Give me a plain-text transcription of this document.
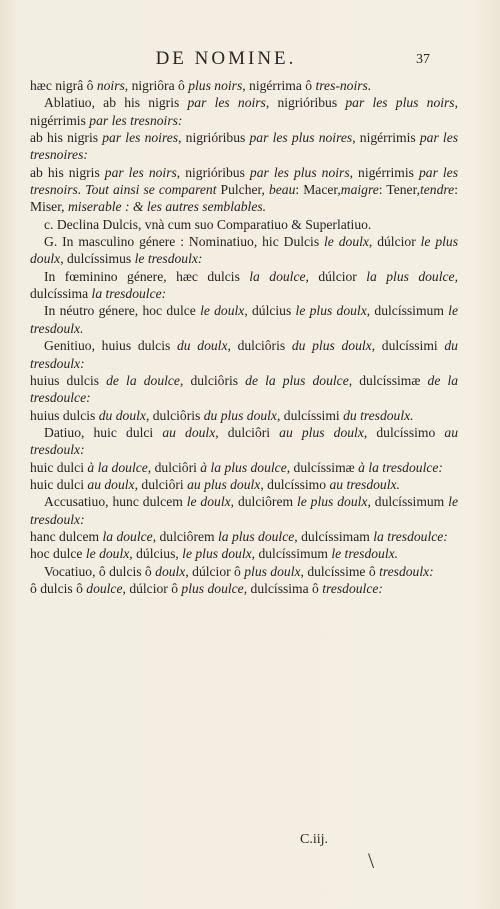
DE NOMINE.	37

hæc nigrâ ô noirs, nigriôra ô plus noirs, nigérrima ô tres-noirs.

Ablatiuo, ab his nigris par les noirs, nigrióribus par les plus noirs, nigérrimis par les tresnoirs:

ab his nigris par les noires, nigrióribus par les plus noires, nigérrimis par les tresnoires:

ab his nigris par les noirs, nigrióribus par les plus noirs, nigérrimis par les tresnoirs. Tout ainsi se comparent Pulcher, beau: Macer,maigre: Tener,tendre: Miser, miserable : & les autres semblables.

c. Declina Dulcis, vnà cum suo Comparatiuo & Superlatiuo.

G. In masculino génere : Nominatiuo, hic Dulcis le doulx, dúlcior le plus doulx, dulcíssimus le tresdoulx:

In fœminino génere, hæc dulcis la doulce, dúlcior la plus doulce, dulcíssima la tresdoulce:

In néutro génere, hoc dulce le doulx, dúlcius le plus doulx, dulcíssimum le tresdoulx.

Genitiuo, huius dulcis du doulx, dulciôris du plus doulx, dulcíssimi du tresdoulx:

huius dulcis de la doulce, dulciôris de la plus doulce, dulcíssimæ de la tresdoulce:

huius dulcis du doulx, dulciôris du plus doulx, dulcíssimi du tresdoulx.

Datiuo, huic dulci au doulx, dulciôri au plus doulx, dulcíssimo au tresdoulx:

huic dulci à la doulce, dulciôri à la plus doulce, dulcíssimæ à la tresdoulce:

huic dulci au doulx, dulciôri au plus doulx, dulcíssimo au tresdoulx.

Accusatiuo, hunc dulcem le doulx, dulciôrem le plus doulx, dulcíssimum le tresdoulx:

hanc dulcem la doulce, dulciôrem la plus doulce, dulcíssimam la tresdoulce:

hoc dulce le doulx, dúlcius, le plus doulx, dulcíssimum le tresdoulx.

Vocatiuo, ô dulcis ô doulx, dúlcior ô plus doulx, dulcíssime ô tresdoulx:

ô dulcis ô doulce, dúlcior ô plus doulce, dulcíssima ô tresdoulce:

C.iij.
\
